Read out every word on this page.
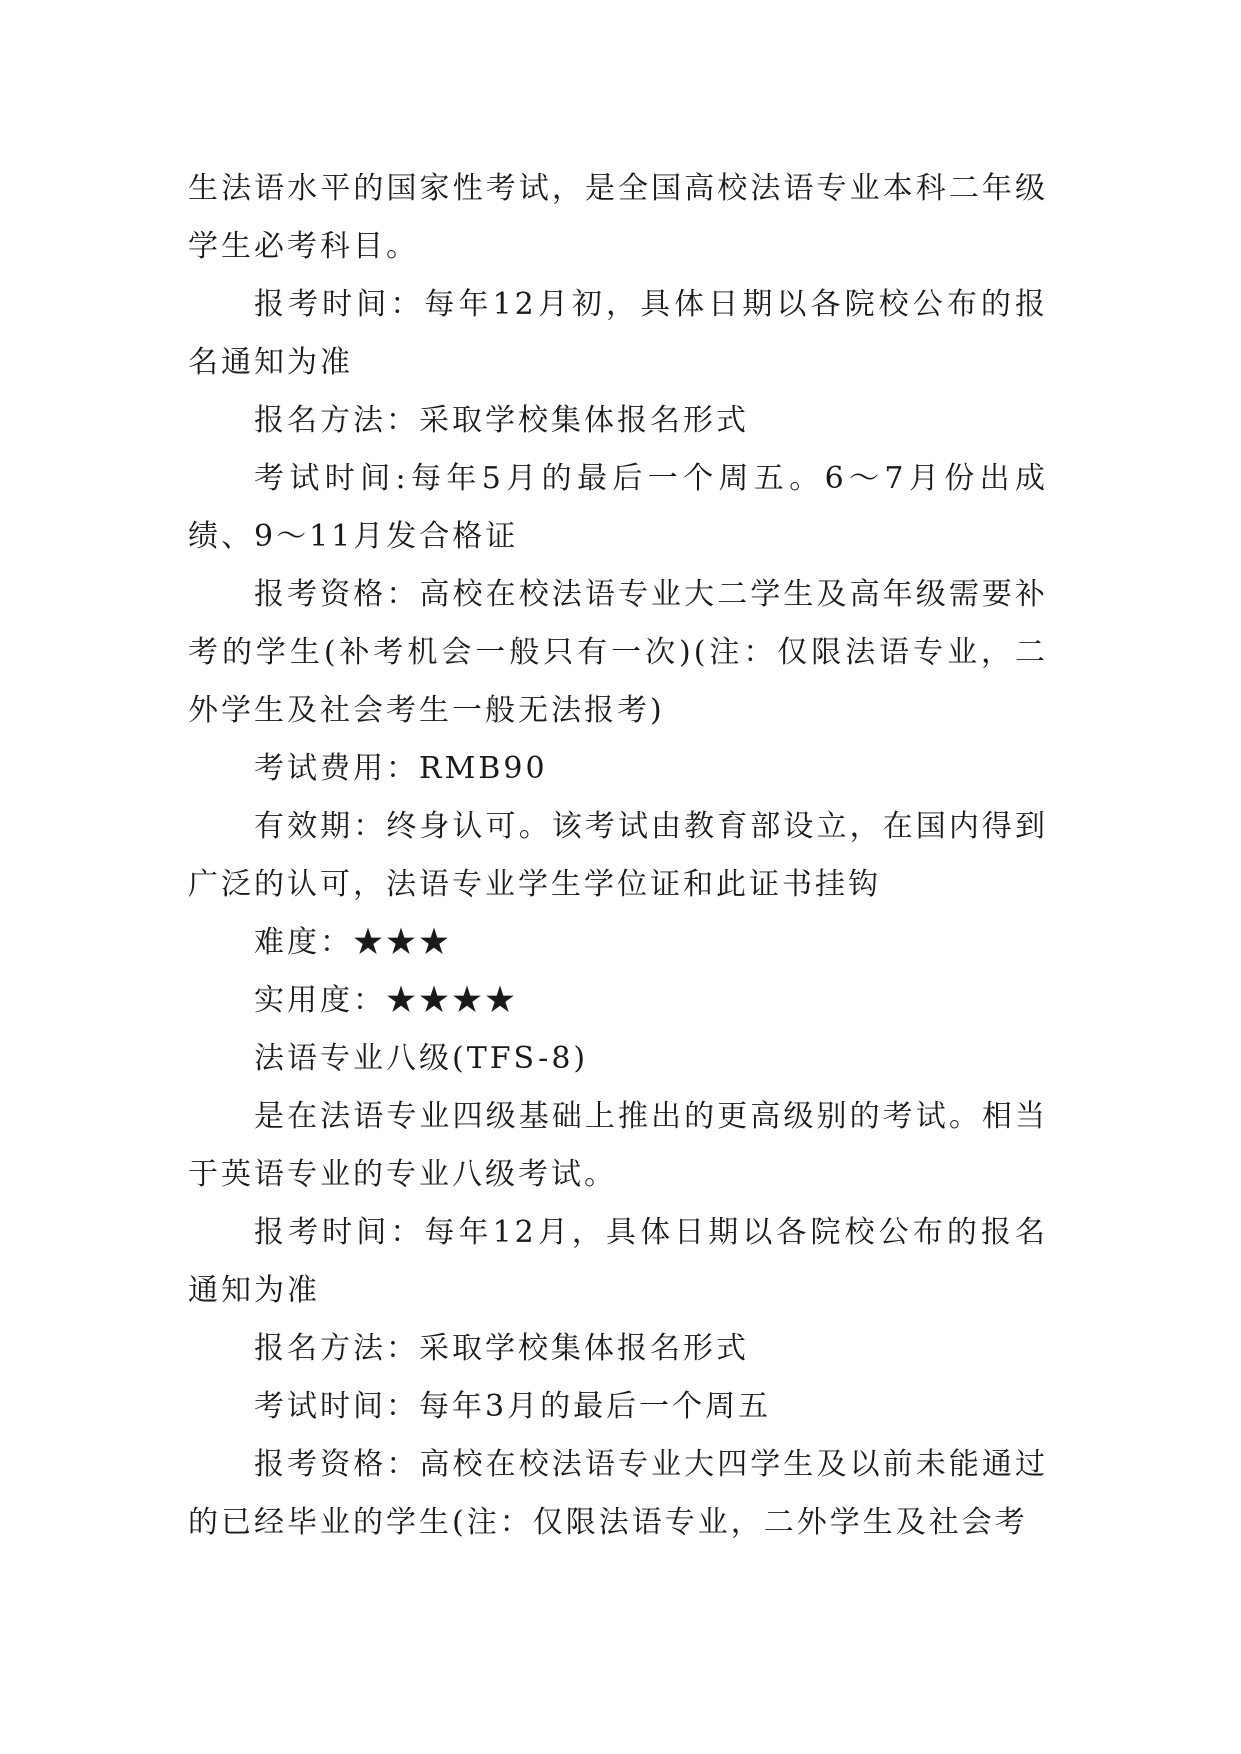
生法语水平的国家性考试，是全国高校法语专业本科二年级学生必考科目。

报考时间：每年12月初，具体日期以各院校公布的报名通知为准

报名方法：采取学校集体报名形式

考试时间:每年5月的最后一个周五。6～7月份出成绩、9～11月发合格证

报考资格：高校在校法语专业大二学生及高年级需要补考的学生(补考机会一般只有一次)(注：仅限法语专业，二外学生及社会考生一般无法报考)

考试费用：RMB90

有效期：终身认可。该考试由教育部设立，在国内得到广泛的认可，法语专业学生学位证和此证书挂钩

难度：★★★

实用度：★★★★

法语专业八级(TFS-8)

是在法语专业四级基础上推出的更高级别的考试。相当于英语专业的专业八级考试。

报考时间：每年12月，具体日期以各院校公布的报名通知为准

报名方法：采取学校集体报名形式

考试时间：每年3月的最后一个周五

报考资格：高校在校法语专业大四学生及以前未能通过的已经毕业的学生(注：仅限法语专业，二外学生及社会考
